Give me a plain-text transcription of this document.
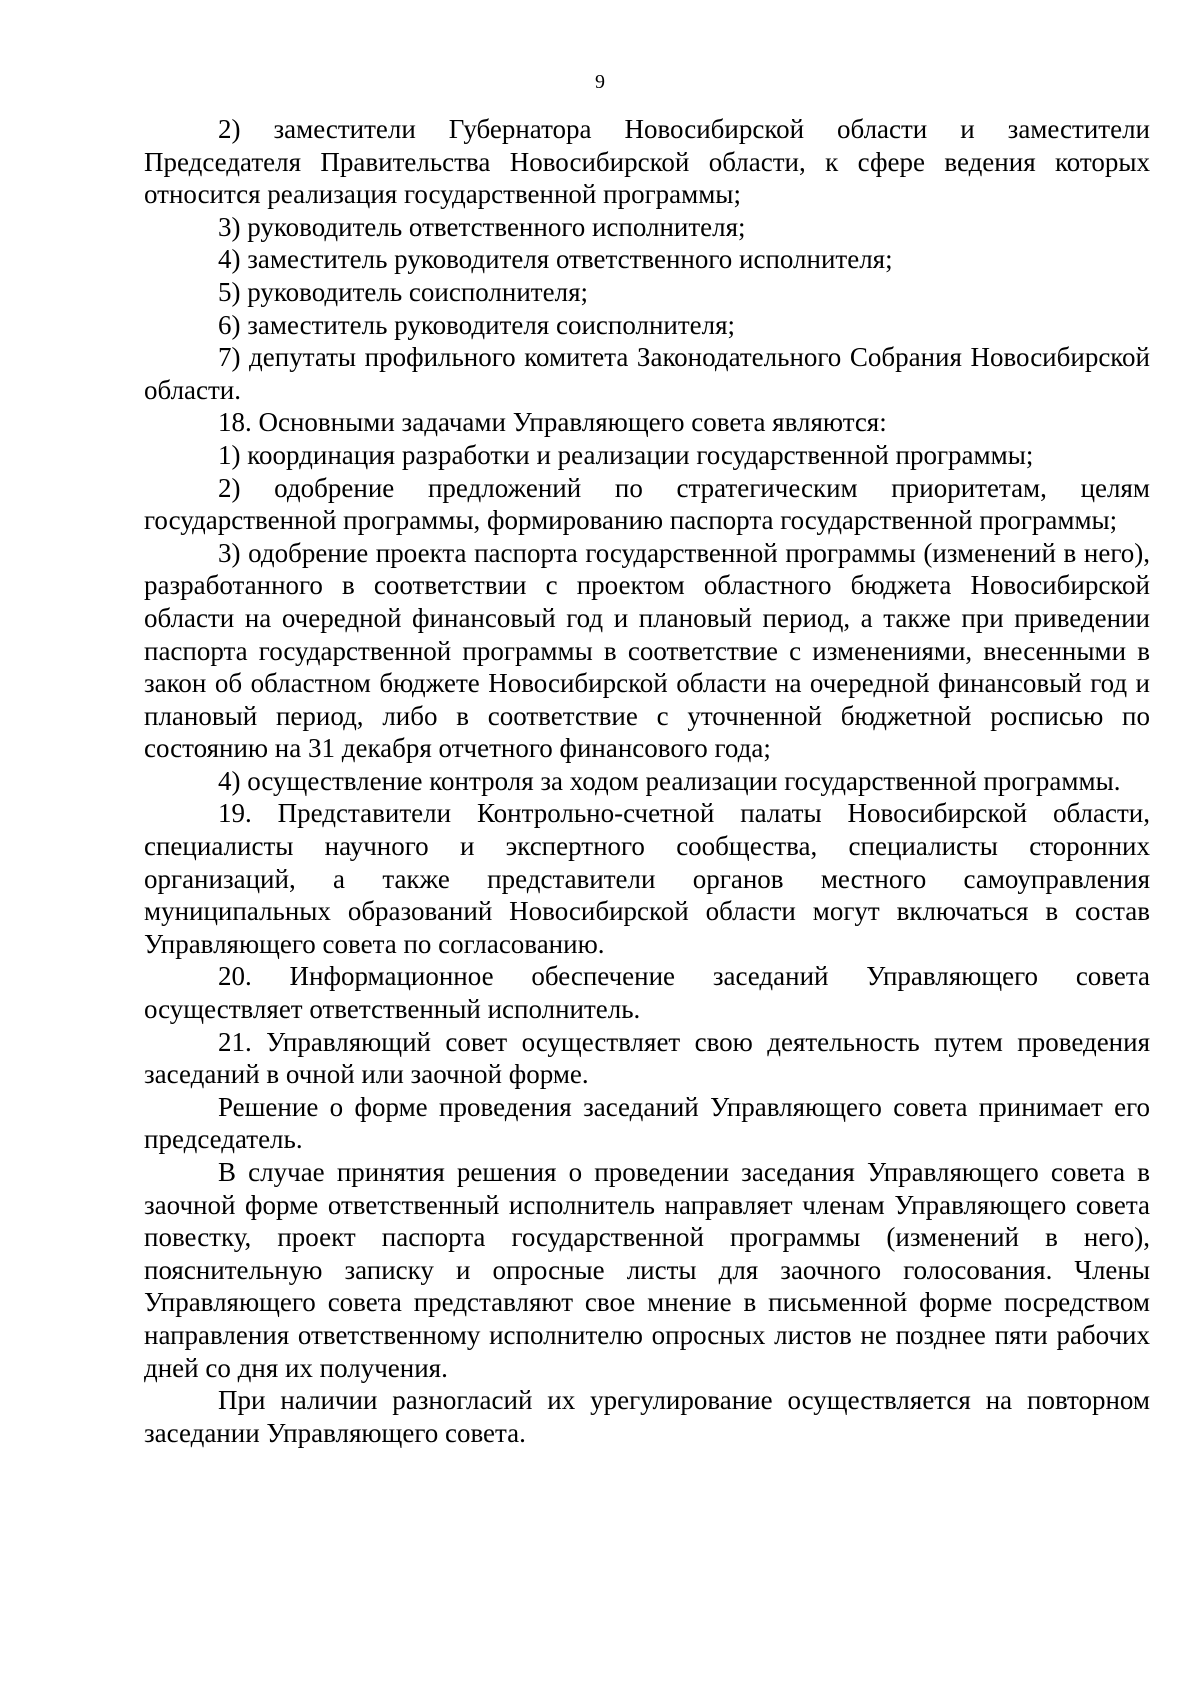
9

2) заместители Губернатора Новосибирской области и заместители Председателя Правительства Новосибирской области, к сфере ведения которых относится реализация государственной программы;

3) руководитель ответственного исполнителя;

4) заместитель руководителя ответственного исполнителя;

5) руководитель соисполнителя;

6) заместитель руководителя соисполнителя;

7) депутаты профильного комитета Законодательного Собрания Новосибирской области.

18. Основными задачами Управляющего совета являются:

1) координация разработки и реализации государственной программы;

2) одобрение предложений по стратегическим приоритетам, целям государственной программы, формированию паспорта государственной программы;

3) одобрение проекта паспорта государственной программы (изменений в него), разработанного в соответствии с проектом областного бюджета Новосибирской области на очередной финансовый год и плановый период, а также при приведении паспорта государственной программы в соответствие с изменениями, внесенными в закон об областном бюджете Новосибирской области на очередной финансовый год и плановый период, либо в соответствие с уточненной бюджетной росписью по состоянию на 31 декабря отчетного финансового года;

4) осуществление контроля за ходом реализации государственной программы.

19. Представители Контрольно-счетной палаты Новосибирской области, специалисты научного и экспертного сообщества, специалисты сторонних организаций, а также представители органов местного самоуправления муниципальных образований Новосибирской области могут включаться в состав Управляющего совета по согласованию.

20. Информационное обеспечение заседаний Управляющего совета осуществляет ответственный исполнитель.

21. Управляющий совет осуществляет свою деятельность путем проведения заседаний в очной или заочной форме.

Решение о форме проведения заседаний Управляющего совета принимает его председатель.

В случае принятия решения о проведении заседания Управляющего совета в заочной форме ответственный исполнитель направляет членам Управляющего совета повестку, проект паспорта государственной программы (изменений в него), пояснительную записку и опросные листы для заочного голосования. Члены Управляющего совета представляют свое мнение в письменной форме посредством направления ответственному исполнителю опросных листов не позднее пяти рабочих дней со дня их получения.

При наличии разногласий их урегулирование осуществляется на повторном заседании Управляющего совета.
